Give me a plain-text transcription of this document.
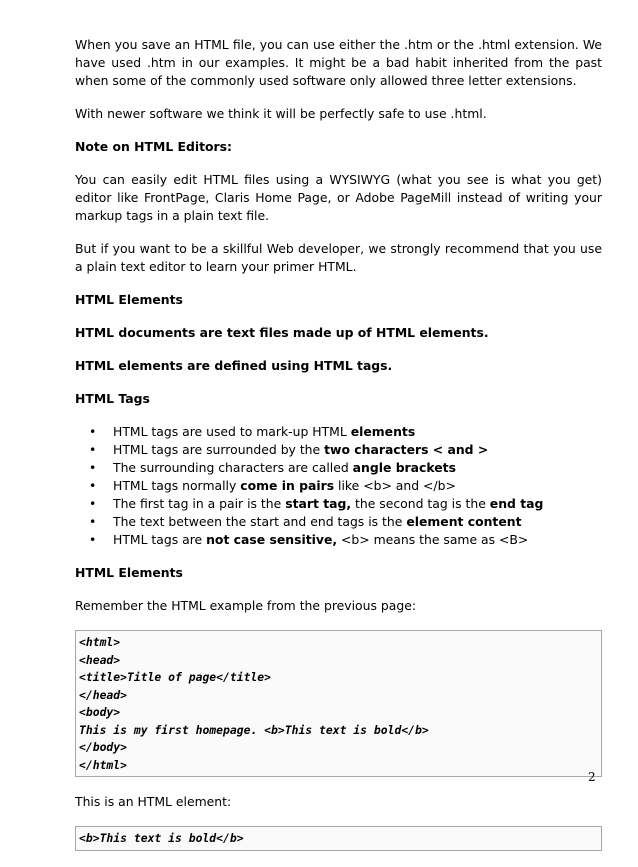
When you save an HTML file, you can use either the .htm or the .html extension. We have used .htm in our examples. It might be a bad habit inherited from the past when some of the commonly used software only allowed three letter extensions.

With newer software we think it will be perfectly safe to use .html.

Note on HTML Editors:

You can easily edit HTML files using a WYSIWYG (what you see is what you get) editor like FrontPage, Claris Home Page, or Adobe PageMill instead of writing your markup tags in a plain text file.

But if you want to be a skillful Web developer, we strongly recommend that you use a plain text editor to learn your primer HTML.

HTML Elements
HTML documents are text files made up of HTML elements.
HTML elements are defined using HTML tags.
HTML Tags
• HTML tags are used to mark-up HTML elements
• HTML tags are surrounded by the two characters < and >
• The surrounding characters are called angle brackets
• HTML tags normally come in pairs like <b> and </b>
• The first tag in a pair is the start tag, the second tag is the end tag
• The text between the start and end tags is the element content
• HTML tags are not case sensitive, <b> means the same as <B>
HTML Elements

Remember the HTML example from the previous page:

<html>
<head>
<title>Title of page</title>
</head>
<body>
This is my first homepage. <b>This text is bold</b>
</body>
</html>

This is an HTML element:

<b>This text is bold</b>
2
